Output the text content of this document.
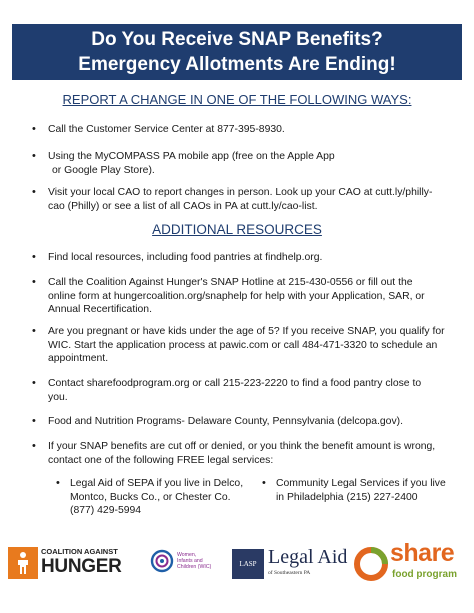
Do You Receive SNAP Benefits?
Emergency Allotments Are Ending!
REPORT A CHANGE IN ONE OF THE FOLLOWING WAYS:
• Call the Customer Service Center at 877-395-8930.
• Using the MyCOMPASS PA mobile app (free on the Apple App
or Google Play Store).
• Visit your local CAO to report changes in person. Look up your CAO at cutt.ly/philly-
cao (Philly) or see a list of all CAOs in PA at cutt.ly/cao-list.
ADDITIONAL RESOURCES
• Find local resources, including food pantries at findhelp.org.
• Call the Coalition Against Hunger's SNAP Hotline at 215-430-0556 or fill out the
online form at hungercoalition.org/snaphelp for help with your Application, SAR, or
Annual Recertification.
• Are you pregnant or have kids under the age of 5? If you receive SNAP, you qualify for
WIC. Start the application process at pawic.com or call 484-471-3320 to schedule an
appointment.
• Contact sharefoodprogram.org or call 215-223-2220 to find a food pantry close to
you.
• Food and Nutrition Programs- Delaware County, Pennsylvania (delcopa.gov).
• If your SNAP benefits are cut off or denied, or you think the benefit amount is wrong,
contact one of the following FREE legal services:
• Legal Aid of SEPA if you live in Delco,
Montco, Bucks Co., or Chester Co.
(877) 429-5994
• Community Legal Services if you live
in Philadelphia (215) 227-2400
COALITION AGAINST
HUNGER
Women,
Infants and
Children (WIC)	LASP Legal Aid
of Southeastern PA
share
food program
